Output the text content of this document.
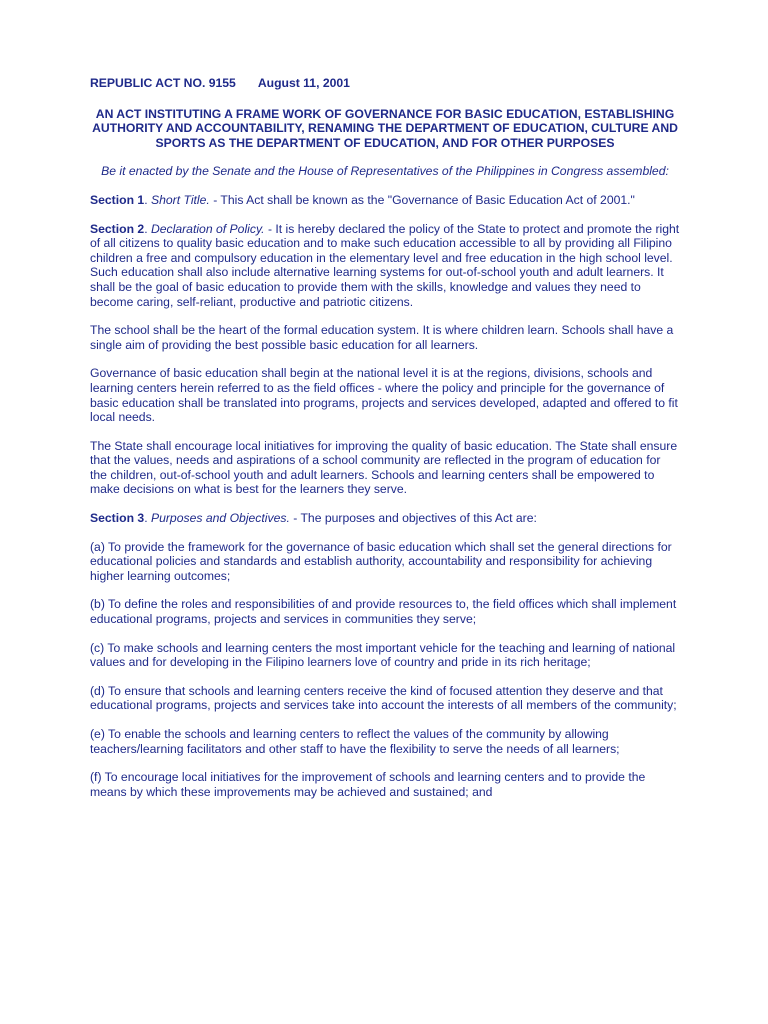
REPUBLIC ACT NO. 9155 August 11, 2001
AN ACT INSTITUTING A FRAME WORK OF GOVERNANCE FOR BASIC EDUCATION, ESTABLISHING AUTHORITY AND ACCOUNTABILITY, RENAMING THE DEPARTMENT OF EDUCATION, CULTURE AND SPORTS AS THE DEPARTMENT OF EDUCATION, AND FOR OTHER PURPOSES
Be it enacted by the Senate and the House of Representatives of the Philippines in Congress assembled:

Section 1. Short Title. - This Act shall be known as the "Governance of Basic Education Act of 2001."

Section 2. Declaration of Policy. - It is hereby declared the policy of the State to protect and promote the right of all citizens to quality basic education and to make such education accessible to all by providing all Filipino children a free and compulsory education in the elementary level and free education in the high school level. Such education shall also include alternative learning systems for out-of-school youth and adult learners. It shall be the goal of basic education to provide them with the skills, knowledge and values they need to become caring, self-reliant, productive and patriotic citizens.

The school shall be the heart of the formal education system. It is where children learn. Schools shall have a single aim of providing the best possible basic education for all learners.

Governance of basic education shall begin at the national level it is at the regions, divisions, schools and learning centers herein referred to as the field offices - where the policy and principle for the governance of basic education shall be translated into programs, projects and services developed, adapted and offered to fit local needs.

The State shall encourage local initiatives for improving the quality of basic education. The State shall ensure that the values, needs and aspirations of a school community are reflected in the program of education for the children, out-of-school youth and adult learners. Schools and learning centers shall be empowered to make decisions on what is best for the learners they serve.

Section 3. Purposes and Objectives. - The purposes and objectives of this Act are:

(a) To provide the framework for the governance of basic education which shall set the general directions for educational policies and standards and establish authority, accountability and responsibility for achieving higher learning outcomes;

(b) To define the roles and responsibilities of and provide resources to, the field offices which shall implement educational programs, projects and services in communities they serve;

(c) To make schools and learning centers the most important vehicle for the teaching and learning of national values and for developing in the Filipino learners love of country and pride in its rich heritage;

(d) To ensure that schools and learning centers receive the kind of focused attention they deserve and that educational programs, projects and services take into account the interests of all members of the community;

(e) To enable the schools and learning centers to reflect the values of the community by allowing teachers/learning facilitators and other staff to have the flexibility to serve the needs of all learners;

(f) To encourage local initiatives for the improvement of schools and learning centers and to provide the means by which these improvements may be achieved and sustained; and
